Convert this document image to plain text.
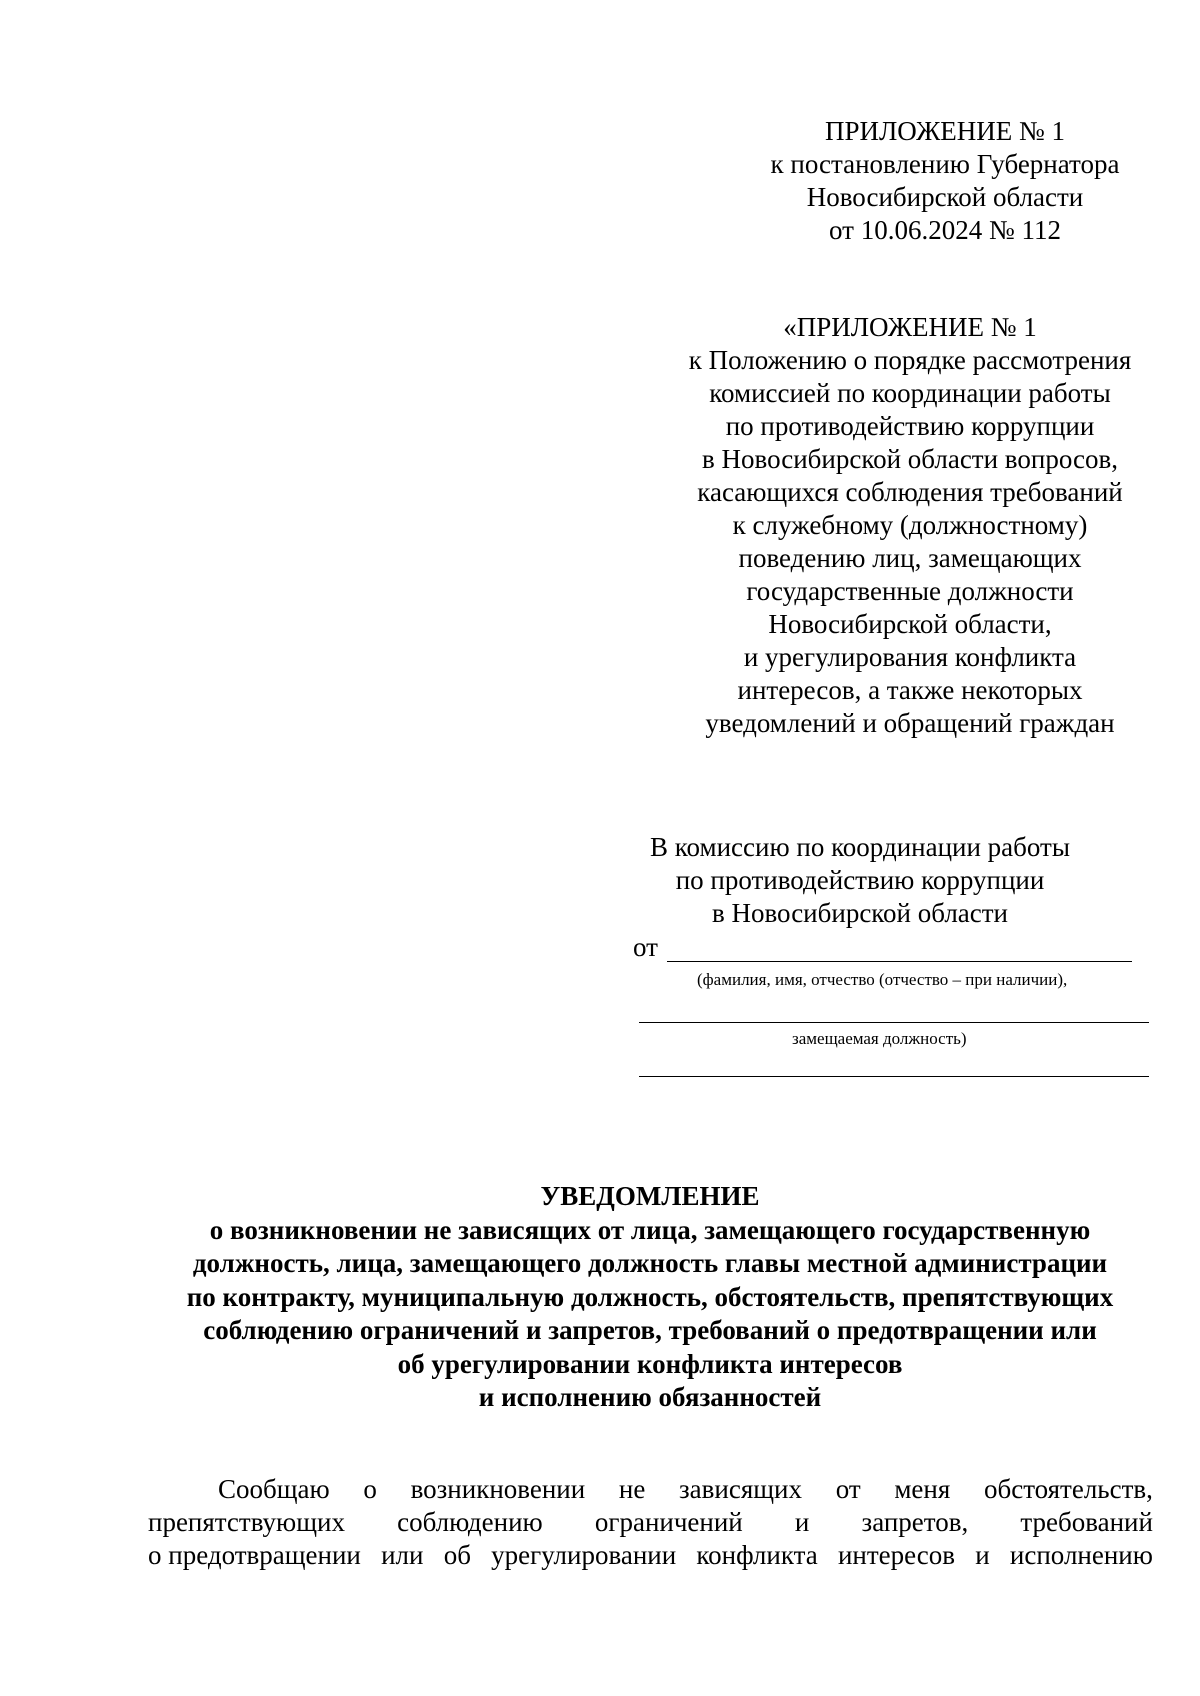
ПРИЛОЖЕНИЕ № 1
к постановлению Губернатора
Новосибирской области
от 10.06.2024 № 112
«ПРИЛОЖЕНИЕ № 1
к Положению о порядке рассмотрения
комиссией по координации работы
по противодействию коррупции
в Новосибирской области вопросов,
касающихся соблюдения требований
к служебному (должностному)
поведению лиц, замещающих
государственные должности
Новосибирской области,
и урегулирования конфликта
интересов, а также некоторых
уведомлений и обращений граждан
В комиссию по координации работы
по противодействию коррупции
в Новосибирской области
от
(фамилия, имя, отчество (отчество – при наличии),
замещаемая должность)
УВЕДОМЛЕНИЕ
о возникновении не зависящих от лица, замещающего государственную
должность, лица, замещающего должность главы местной администрации
по контракту, муниципальную должность, обстоятельств, препятствующих
соблюдению ограничений и запретов, требований о предотвращении или
об урегулировании конфликта интересов
и исполнению обязанностей
Сообщаю о возникновении не зависящих от меня обстоятельств,
препятствующих соблюдению ограничений и запретов, требований
о предотвращении или об урегулировании конфликта интересов и исполнению
